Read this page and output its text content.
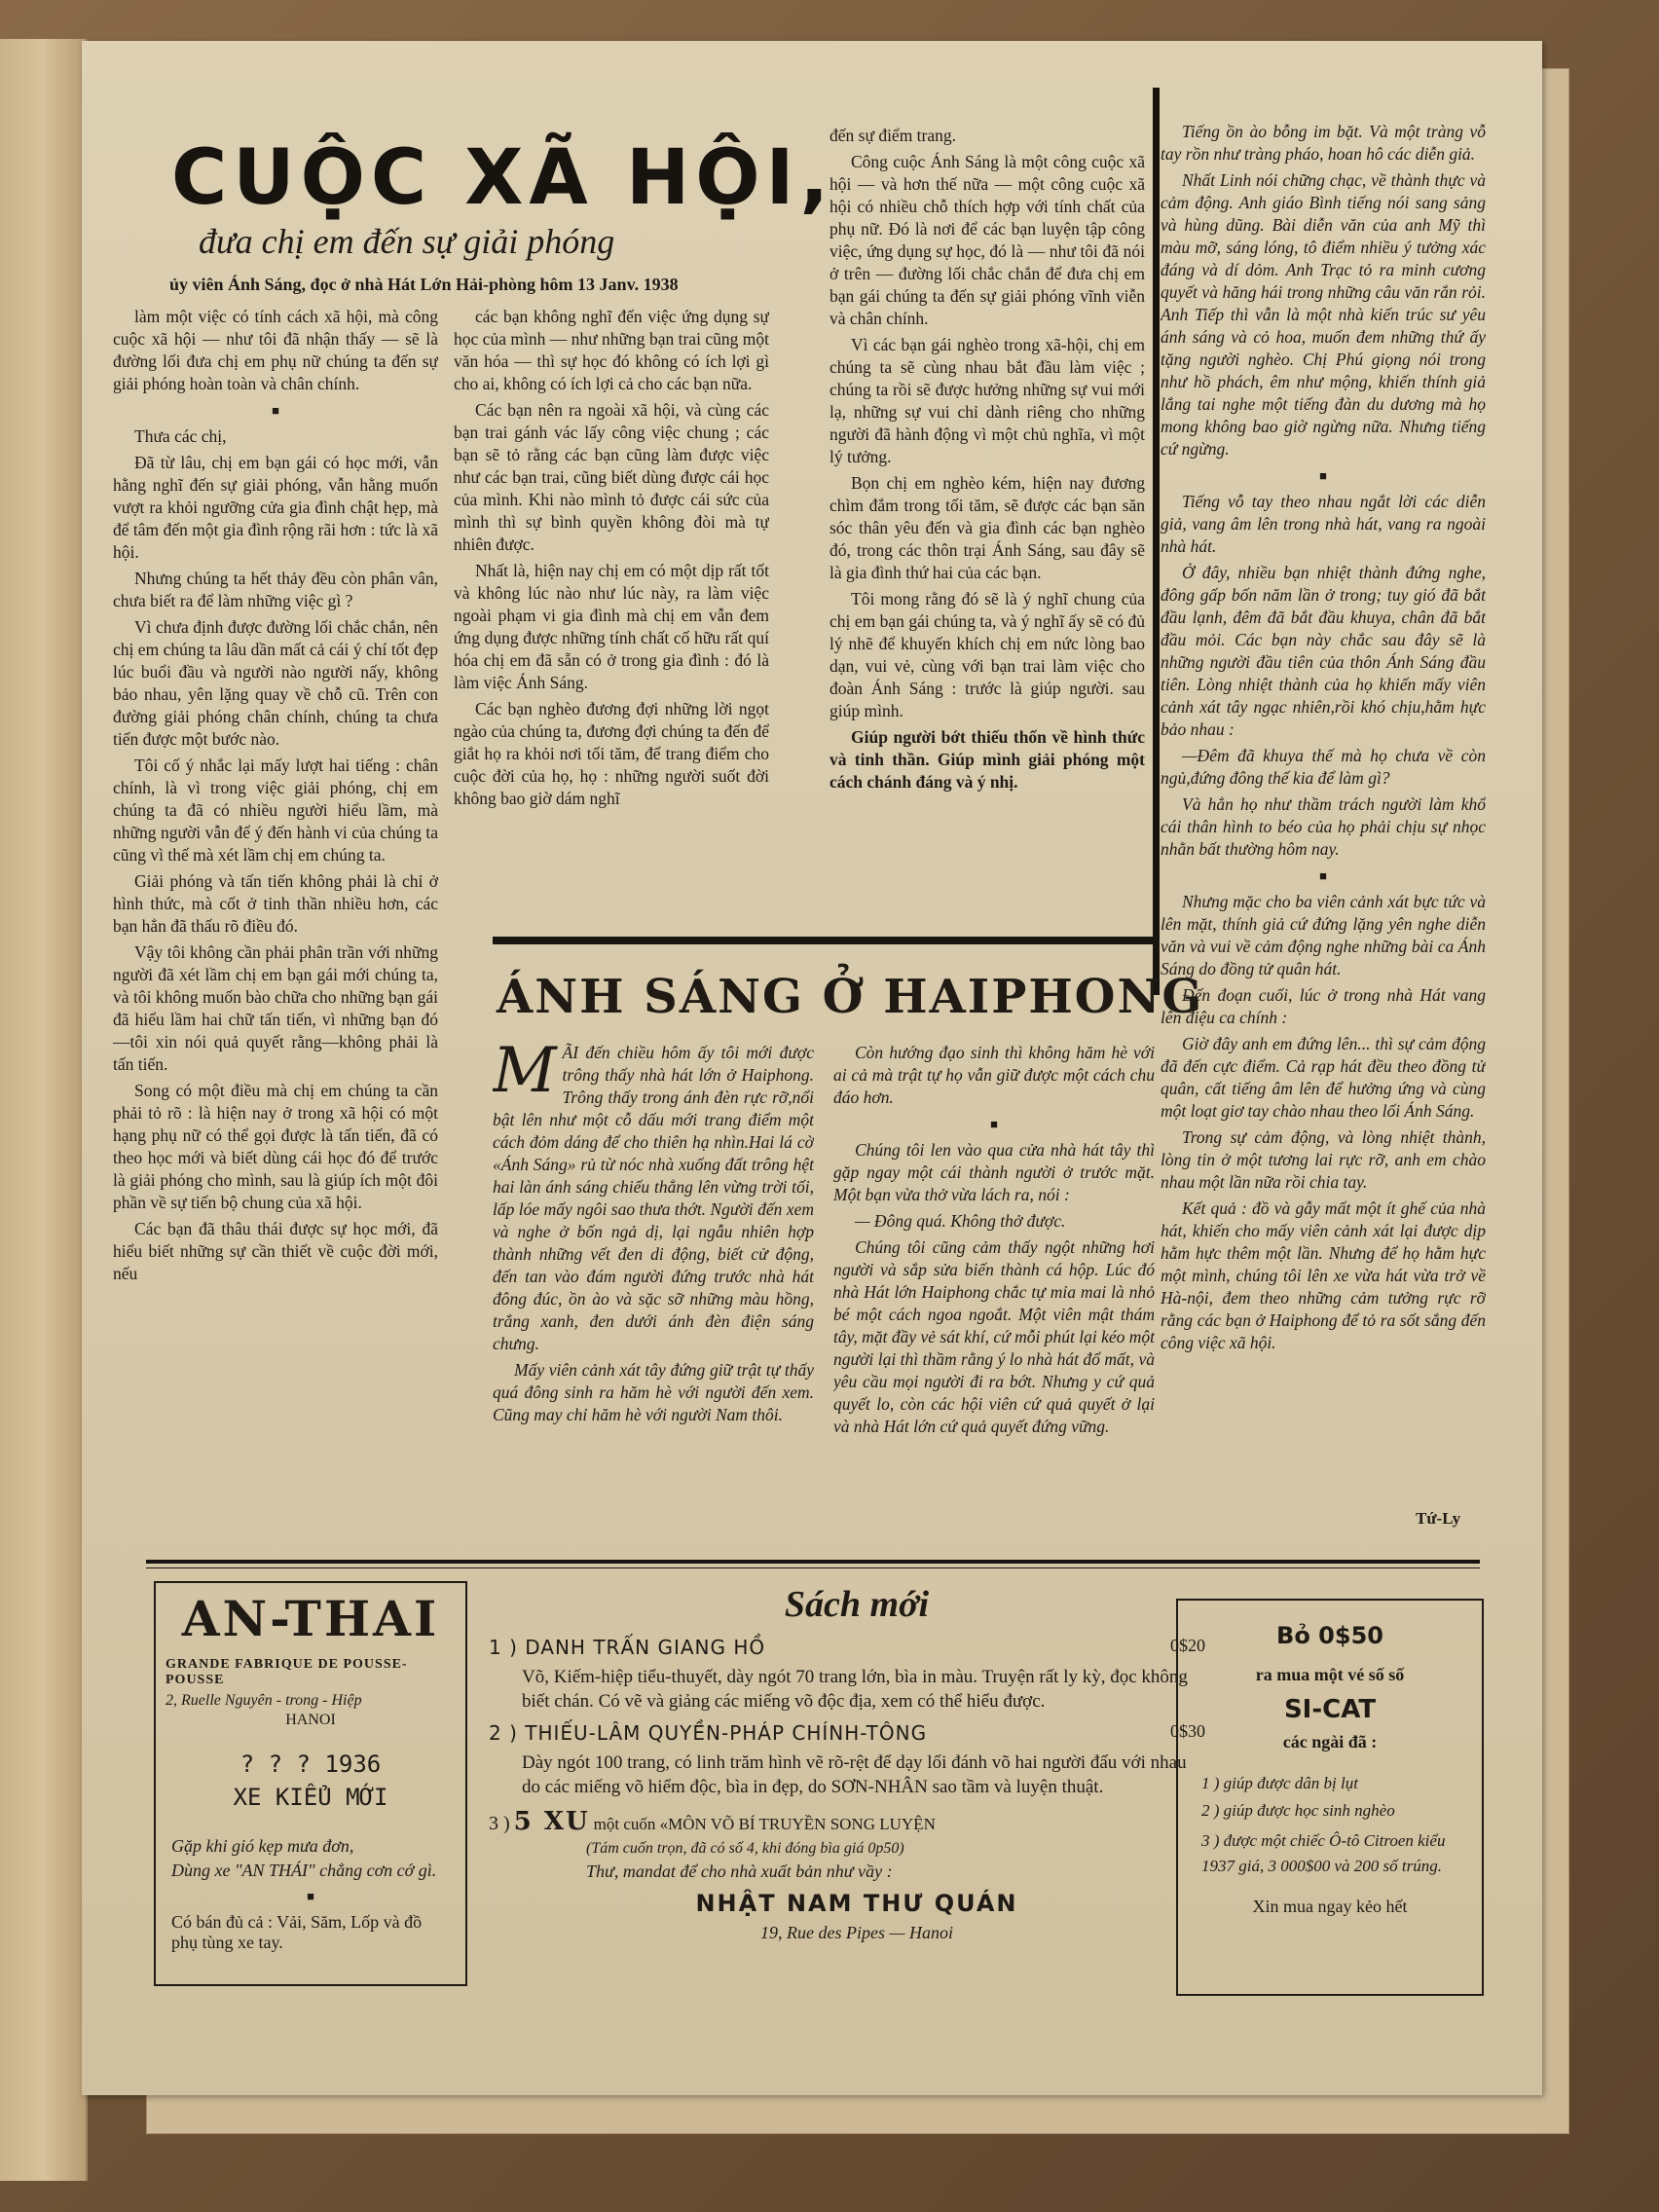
CUỘC XÃ HỘI,
đưa chị em đến sự giải phóng
ủy viên Ánh Sáng, đọc ở nhà Hát Lớn Hải-phòng hôm 13 Janv. 1938

làm một việc có tính cách xã hội, mà công cuộc xã hội — như tôi đã nhận thấy — sẽ là đường lối đưa chị em phụ nữ chúng ta đến sự giải phóng hoàn toàn và chân chính.

■

Thưa các chị,

Đã từ lâu, chị em bạn gái có học mới, vẫn hằng nghĩ đến sự giải phóng, vẫn hằng muốn vượt ra khỏi ngưỡng cửa gia đình chật hẹp, mà để tâm đến một gia đình rộng rãi hơn : tức là xã hội.

Nhưng chúng ta hết thảy đều còn phân vân, chưa biết ra để làm những việc gì ?

Vì chưa định được đường lối chắc chắn, nên chị em chúng ta lâu dần mất cả cái ý chí tốt đẹp lúc buổi đầu và người nào người nấy, không bảo nhau, yên lặng quay về chỗ cũ. Trên con đường giải phóng chân chính, chúng ta chưa tiến được một bước nào.

Tôi cố ý nhắc lại mấy lượt hai tiếng : chân chính, là vì trong việc giải phóng, chị em chúng ta đã có nhiều người hiểu lầm, mà những người vẫn để ý đến hành vi của chúng ta cũng vì thế mà xét lầm chị em chúng ta.

Giải phóng và tấn tiến không phải là chỉ ở hình thức, mà cốt ở tinh thần nhiều hơn, các bạn hẳn đã thấu rõ điều đó.

Vậy tôi không cần phải phân trần với những người đã xét lầm chị em bạn gái mới chúng ta, và tôi không muốn bào chữa cho những bạn gái đã hiểu lầm hai chữ tấn tiến, vì những bạn đó—tôi xin nói quả quyết rằng—không phải là tấn tiến.

Song có một điều mà chị em chúng ta cần phải tỏ rõ : là hiện nay ở trong xã hội có một hạng phụ nữ có thể gọi được là tấn tiến, đã có theo học mới và biết dùng cái học đó để trước là giải phóng cho mình, sau là giúp ích một đôi phần về sự tiến bộ chung của xã hội.

Các bạn đã thâu thái được sự học mới, đã hiểu biết những sự cần thiết về cuộc đời mới, nếu

các bạn không nghĩ đến việc ứng dụng sự học của mình — như những bạn trai cũng một văn hóa — thì sự học đó không có ích lợi gì cho ai, không có ích lợi cả cho các bạn nữa.

Các bạn nên ra ngoài xã hội, và cùng các bạn trai gánh vác lấy công việc chung ; các bạn sẽ tỏ rằng các bạn cũng làm được việc như các bạn trai, cũng biết dùng được cái học của mình. Khi nào mình tỏ được cái sức của mình thì sự bình quyền không đòi mà tự nhiên được.

Nhất là, hiện nay chị em có một dịp rất tốt và không lúc nào như lúc này, ra làm việc ngoài phạm vi gia đình mà chị em vẫn đem ứng dụng được những tính chất cố hữu rất quí hóa chị em đã sẵn có ở trong gia đình : đó là làm việc Ánh Sáng.

Các bạn nghèo đương đợi những lời ngọt ngào của chúng ta, đương đợi chúng ta đến để giắt họ ra khỏi nơi tối tăm, để trang điểm cho cuộc đời của họ, họ : những người suốt đời không bao giờ dám nghĩ

đến sự điểm trang.

Công cuộc Ánh Sáng là một công cuộc xã hội — và hơn thế nữa — một công cuộc xã hội có nhiều chỗ thích hợp với tính chất của phụ nữ. Đó là nơi để các bạn luyện tập công việc, ứng dụng sự học, đó là — như tôi đã nói ở trên — đường lối chắc chắn để đưa chị em bạn gái chúng ta đến sự giải phóng vĩnh viễn và chân chính.

Vì các bạn gái nghèo trong xã-hội, chị em chúng ta sẽ cùng nhau bắt đầu làm việc ; chúng ta rồi sẽ được hưởng những sự vui mới lạ, những sự vui chỉ dành riêng cho những người đã hành động vì một chủ nghĩa, vì một lý tưởng.

Bọn chị em nghèo kém, hiện nay đương chìm đắm trong tối tăm, sẽ được các bạn săn sóc thân yêu đến và gia đình các bạn nghèo đó, trong các thôn trại Ánh Sáng, sau đây sẽ là gia đình thứ hai của các bạn.

Tôi mong rằng đó sẽ là ý nghĩ chung của chị em bạn gái chúng ta, và ý nghĩ ấy sẽ có đủ lý nhẽ để khuyến khích chị em nức lòng bao dạn, vui vẻ, cùng với bạn trai làm việc cho đoàn Ánh Sáng : trước là giúp người. sau giúp mình.

Giúp người bớt thiếu thốn về hình thức và tinh thần. Giúp mình giải phóng một cách chánh đáng và ý nhị.

Tiếng ồn ào bỗng im bặt. Và một tràng vỗ tay rồn như tràng pháo, hoan hô các diễn giả.

Nhất Linh nói chững chạc, về thành thực và cảm động. Anh giáo Bình tiếng nói sang sảng và hùng dũng. Bài diễn văn của anh Mỹ thì màu mỡ, sáng lóng, tô điểm nhiều ý tưởng xác đáng và dí dỏm. Anh Trạc tỏ ra minh cương quyết và hăng hái trong những câu văn rắn rỏi. Anh Tiếp thì vẫn là một nhà kiến trúc sư yêu ánh sáng và cỏ hoa, muốn đem những thứ ấy tặng người nghèo. Chị Phú giọng nói trong như hồ phách, êm như mộng, khiến thính giả lắng tai nghe một tiếng đàn du dương mà họ mong không bao giờ ngừng nữa. Nhưng tiếng cứ ngừng.

■

Tiếng vỗ tay theo nhau ngắt lời các diễn giả, vang âm lên trong nhà hát, vang ra ngoài nhà hát.

Ở đây, nhiều bạn nhiệt thành đứng nghe, đông gấp bốn năm lần ở trong; tuy gió đã bắt đầu lạnh, đêm đã bắt đầu khuya, chân đã bắt đầu mỏi. Các bạn này chắc sau đây sẽ là những người đầu tiên của thôn Ánh Sáng đầu tiên. Lòng nhiệt thành của họ khiến mấy viên cảnh xát tây ngạc nhiên,rồi khó chịu,hằm hực bảo nhau :

—Đêm đã khuya thế mà họ chưa về còn ngủ,đứng đông thế kia để làm gì?

Và hẳn họ như thầm trách người làm khổ cái thân hình to béo của họ phải chịu sự nhọc nhằn bất thường hôm nay.

■

Nhưng mặc cho ba viên cảnh xát bực tức và lên mặt, thính giả cứ đứng lặng yên nghe diễn văn và vui về cảm động nghe những bài ca Ánh Sáng do đồng tử quân hát.

Đến đoạn cuối, lúc ở trong nhà Hát vang lên điệu ca chính :

Giờ đây anh em đứng lên... thì sự cảm động đã đến cực điểm. Cả rạp hát đều theo đồng tử quân, cất tiếng âm lên để hưởng ứng và cùng một loạt giơ tay chào nhau theo lối Ánh Sáng.

Trong sự cảm động, và lòng nhiệt thành, lòng tin ở một tương lai rực rỡ, anh em chào nhau một lần nữa rồi chia tay.

Kết quả : đồ và gẫy mất một ít ghế của nhà hát, khiến cho mấy viên cảnh xát lại được dịp hằm hực thêm một lần. Nhưng để họ hằm hực một mình, chúng tôi lên xe vừa hát vừa trở về Hà-nội, đem theo những cảm tưởng rực rỡ rằng các bạn ở Haiphong để tỏ ra sốt sắng đến công việc xã hội.

Tứ-Ly
ÁNH SÁNG Ở HAIPHONG
M ÃI đến chiều hôm ấy tôi mới được trông thấy nhà hát lớn ở Haiphong. Trông thấy trong ánh đèn rực rỡ,nổi bật lên như một cỗ dấu mới trang điểm một cách đỏm dáng để cho thiên hạ nhìn.Hai lá cờ «Ánh Sáng» rủ từ nóc nhà xuống đất trông hệt hai làn ánh sáng chiếu thẳng lên vừng trời tối, lấp lóe mấy ngôi sao thưa thớt. Người đến xem và nghe ở bốn ngả dị, lại ngẫu nhiên hợp thành những vết đen di động, biết cử động, đến tan vào đám người đứng trước nhà hát đông đúc, ồn ào và sặc sỡ những màu hồng, trắng xanh, đen dưới ánh đèn điện sáng chưng.

Mấy viên cảnh xát tây đứng giữ trật tự thấy quá đông sinh ra hăm hè với người đến xem. Cũng may chỉ hăm hè với người Nam thôi.

Còn hướng đạo sinh thì không hăm hè với ai cả mà trật tự họ vẫn giữ được một cách chu đáo hơn.

■

Chúng tôi len vào qua cửa nhà hát tây thì gặp ngay một cái thành người ở trước mặt. Một bạn vừa thở vừa lách ra, nói :

— Đông quá. Không thở được.

Chúng tôi cũng cảm thấy ngột những hơi người và sắp sửa biến thành cá hộp. Lúc đó nhà Hát lớn Haiphong chắc tự mỉa mai là nhỏ bé một cách ngoa ngoắt. Một viên mật thám tây, mặt đầy vẻ sát khí, cứ mỗi phút lại kéo một người lại thì thầm rằng ý lo nhà hát đổ mất, và yêu cầu mọi người đi ra bớt. Nhưng y cứ quả quyết lo, còn các hội viên cứ quả quyết ở lại và nhà Hát lớn cứ quả quyết đứng vững.

AN-THAI
GRANDE FABRIQUE DE POUSSE-POUSSE
2, Ruelle Nguyên - trong - Hiệp
HANOI
? ? ? 1936
XE KIỂU MỚI
Gặp khi gió kẹp mưa đơn,
Dùng xe "AN THÁI" chẳng cơn cớ gì.
■
Có bán đủ cả : Vải, Săm, Lốp và đồ phụ tùng xe tay.
Sách mới
1 ) DANH TRẤN GIANG HỒ	0$20
Võ, Kiếm-hiệp tiểu-thuyết, dày ngót 70 trang lớn, bìa in màu. Truyện rất ly kỳ, đọc không biết chán. Có vẽ và giảng các miếng võ độc địa, xem có thể hiểu được.
2 ) THIẾU-LÂM QUYỀN-PHÁP CHÍNH-TÔNG	0$30
Dày ngót 100 trang, có linh trăm hình vẽ rõ-rệt để dạy lối đánh võ hai người đấu với nhau do các miếng võ hiểm độc, bìa in đẹp, do SƠN-NHÂN sao tầm và luyện thuật.
3 ) 5 XU một cuốn «MÔN VÕ BÍ TRUYỀN SONG LUYỆN
(Tám cuốn trọn, đã có số 4, khi đóng bìa giá 0p50)
Thư, mandat để cho nhà xuất bản như vầy :
NHẬT NAM THƯ QUÁN
19, Rue des Pipes — Hanoi
Bỏ 0$50
ra mua một vé số số
SI-CAT
các ngài đã :
1 ) giúp được dân bị lụt
2 ) giúp được học sinh nghèo
3 ) được một chiếc Ô-tô Citroen kiểu 1937 giá, 3 000$00 và 200 số trúng.
Xin mua ngay kẻo hết
